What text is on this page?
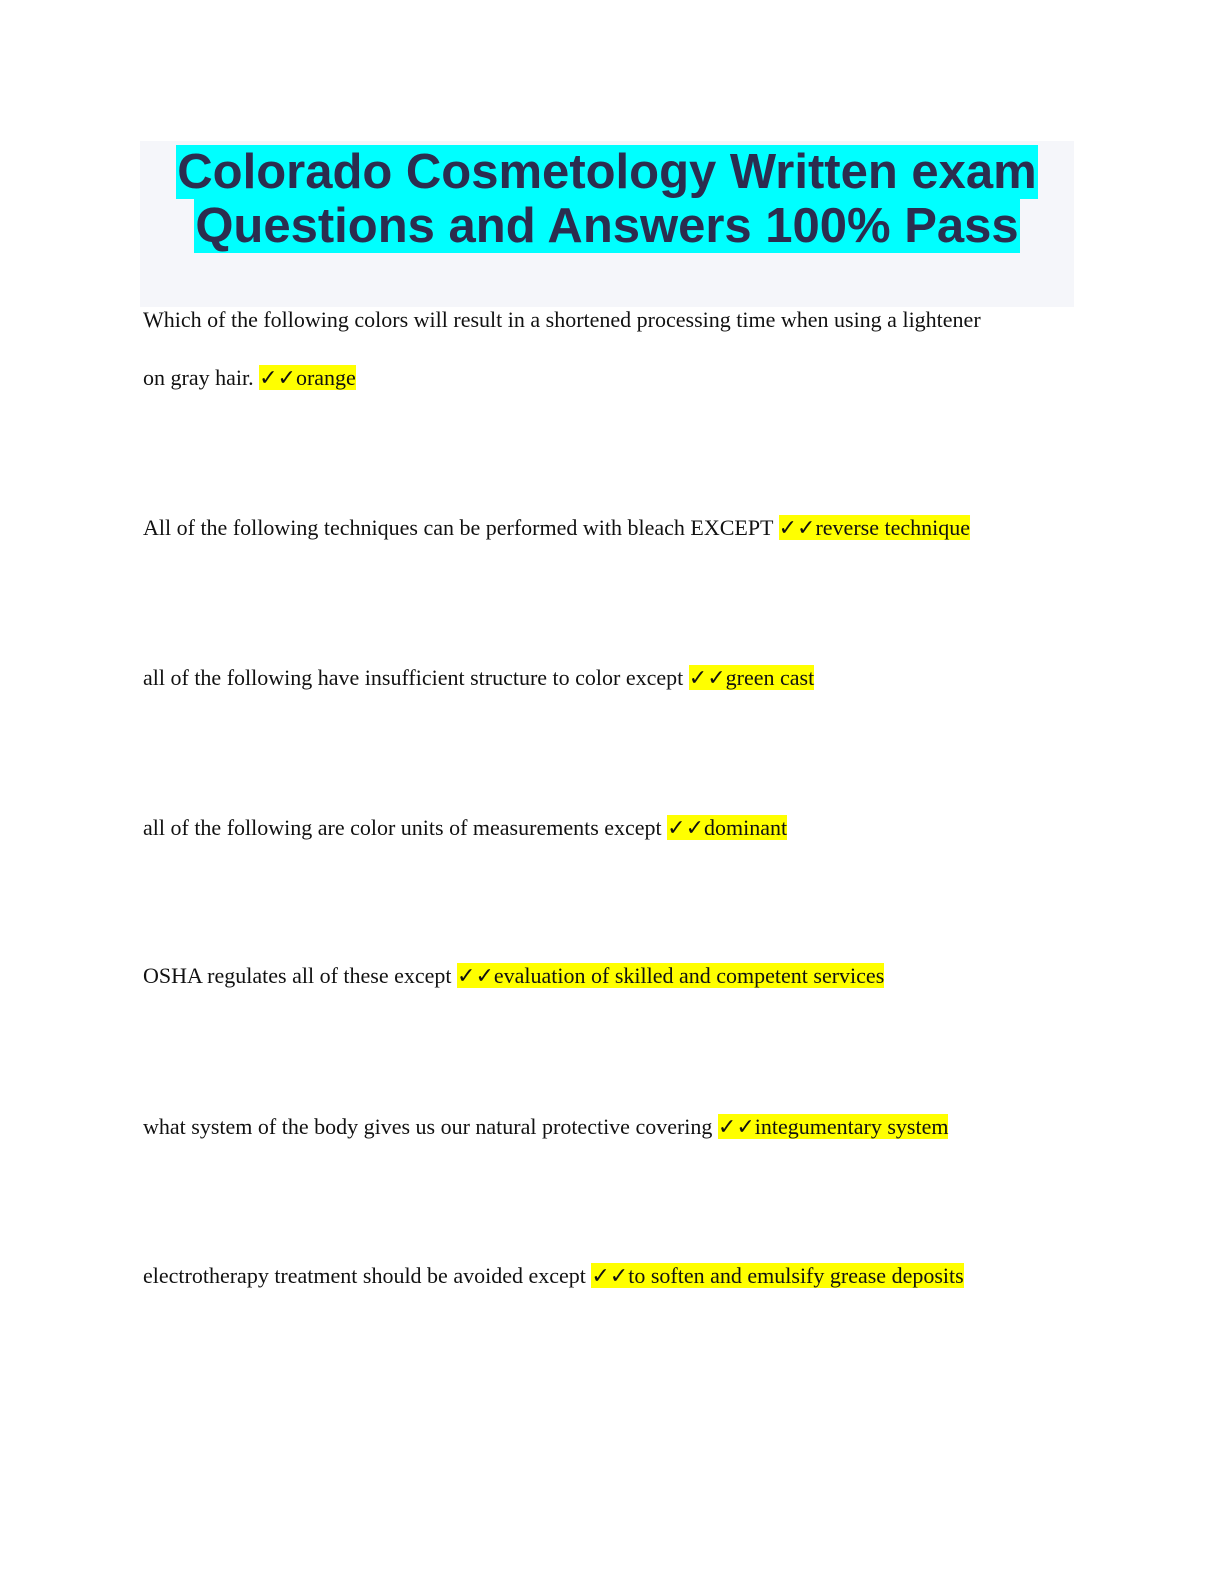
Colorado Cosmetology Written exam
Questions and Answers 100% Pass
Which of the following colors will result in a shortened processing time when using a lightener
on gray hair. ✓✓orange
All of the following techniques can be performed with bleach EXCEPT ✓✓reverse technique
all of the following have insufficient structure to color except ✓✓green cast
all of the following are color units of measurements except ✓✓dominant
OSHA regulates all of these except ✓✓evaluation of skilled and competent services
what system of the body gives us our natural protective covering ✓✓integumentary system
electrotherapy treatment should be avoided except ✓✓to soften and emulsify grease deposits
